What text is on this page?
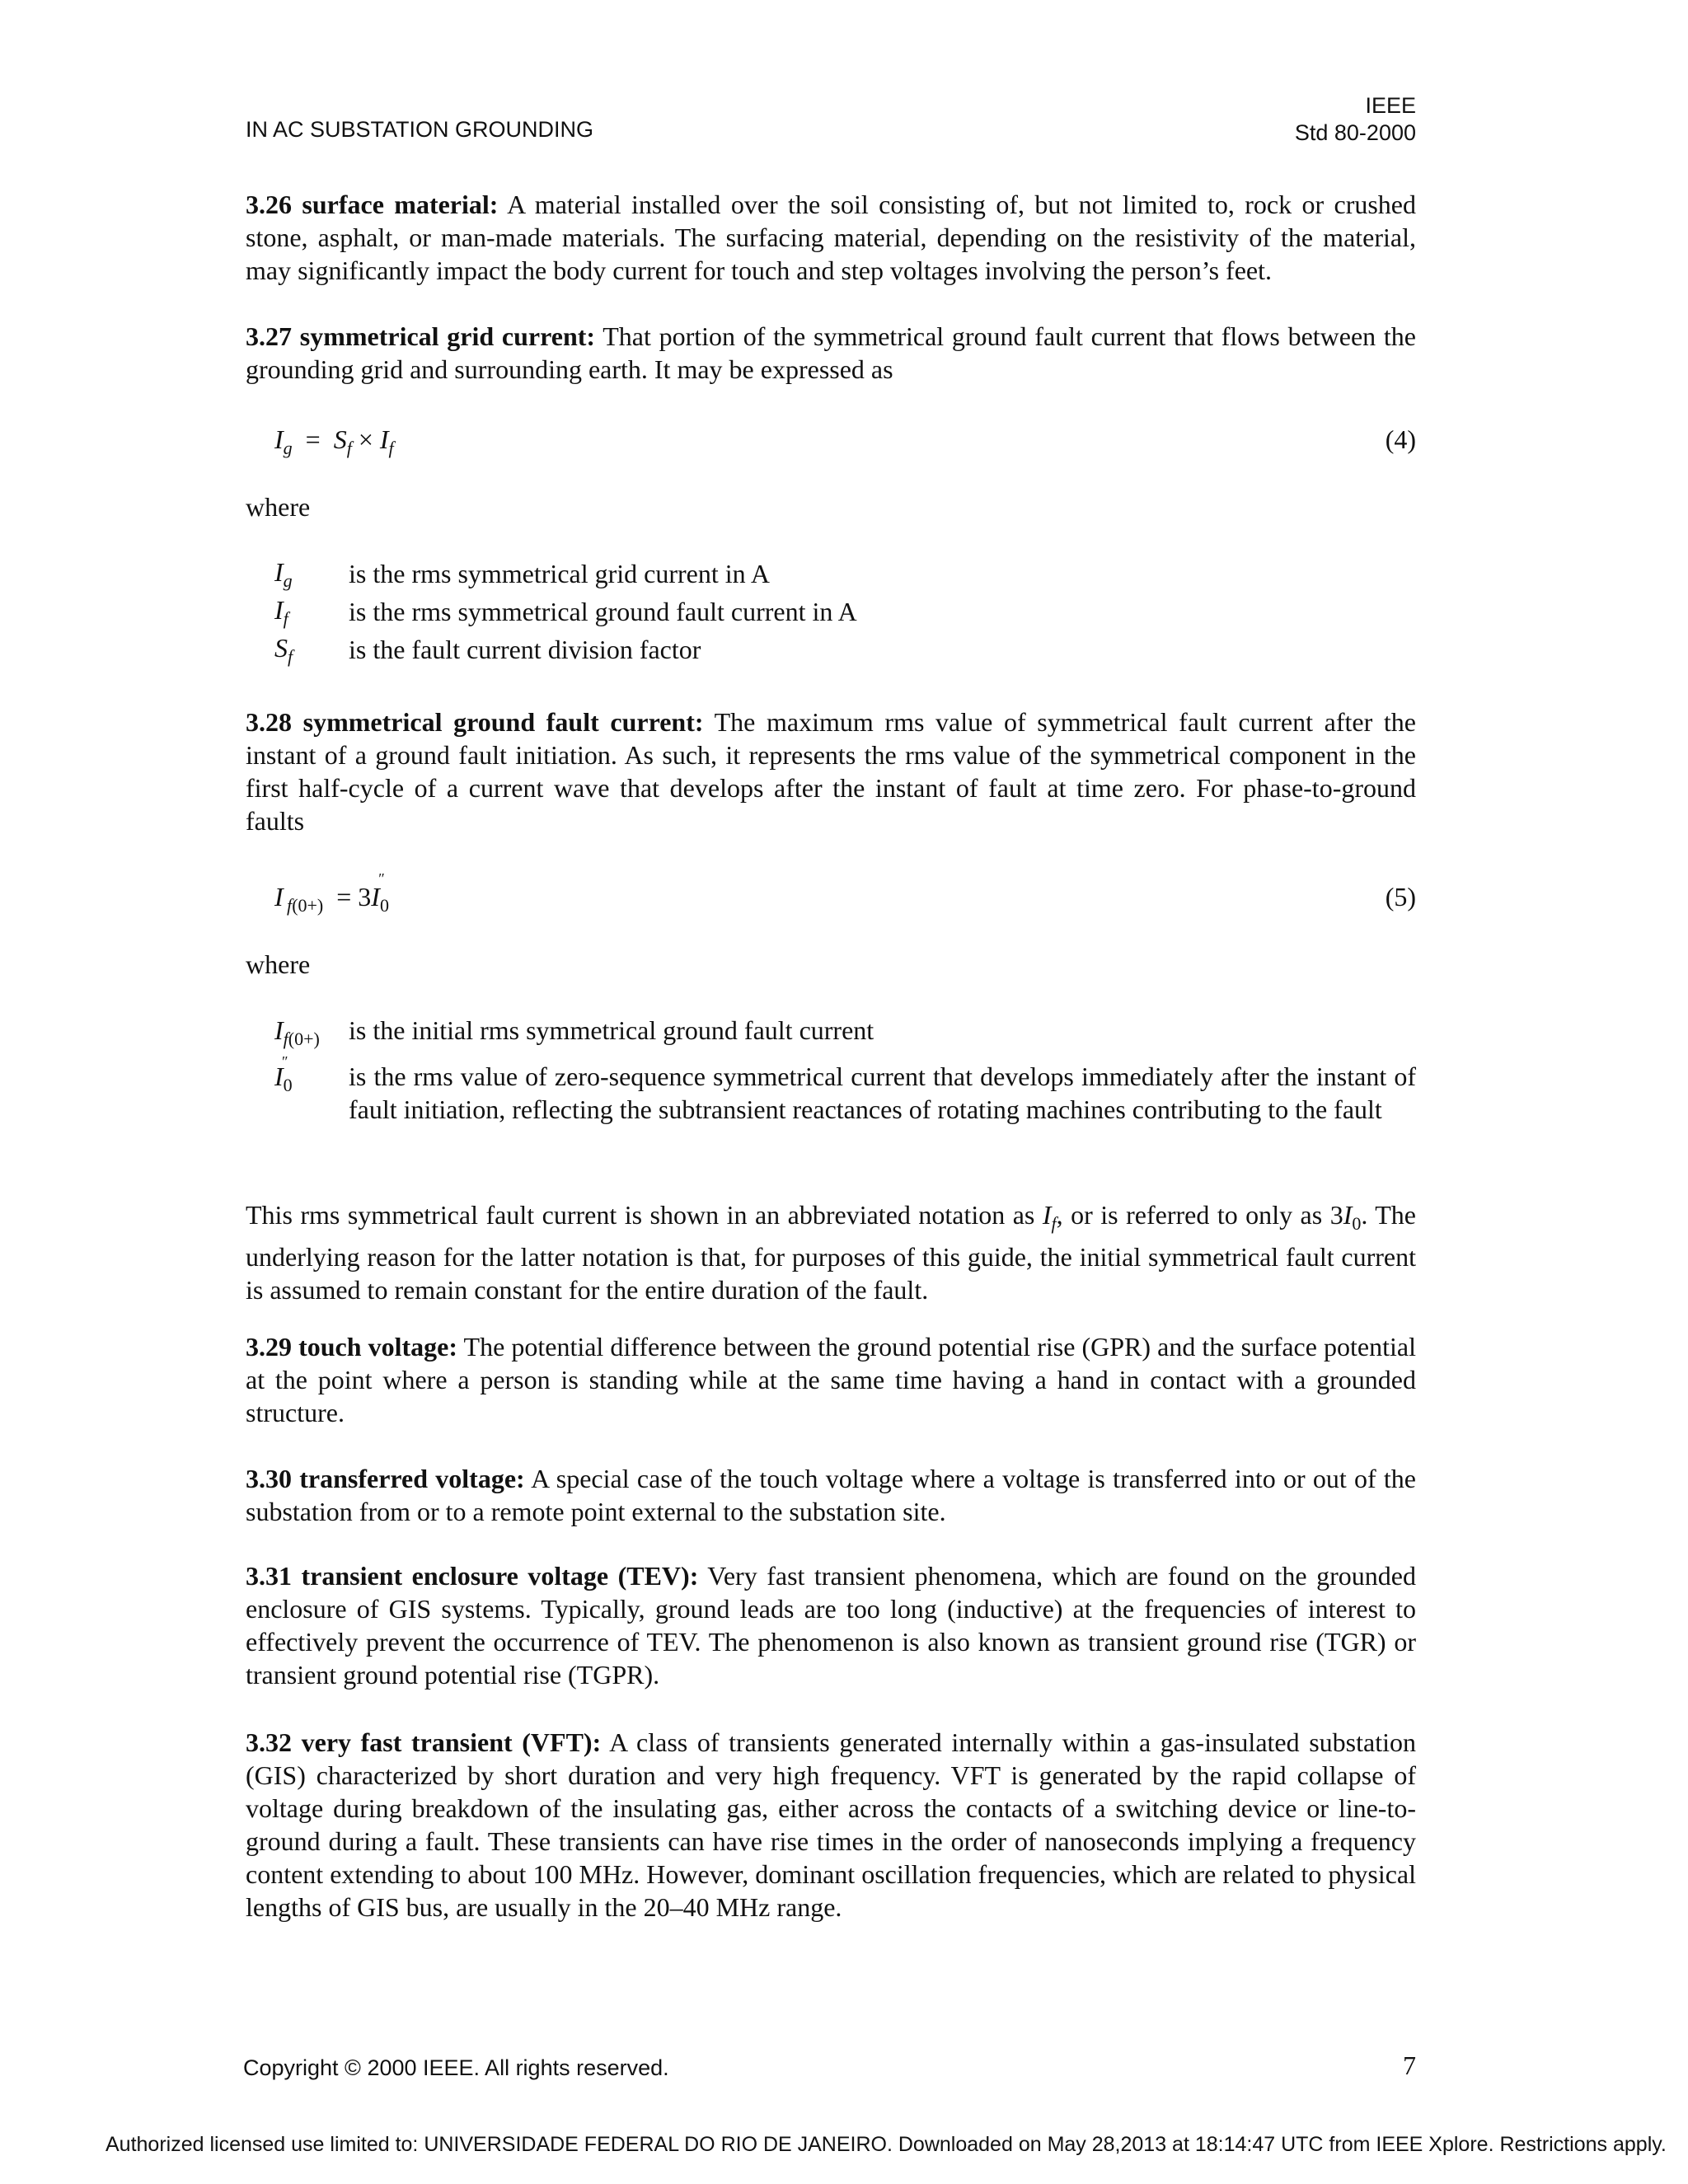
IN AC SUBSTATION GROUNDING
IEEE
Std 80-2000
3.26 surface material: A material installed over the soil consisting of, but not limited to, rock or crushed stone, asphalt, or man-made materials. The surfacing material, depending on the resistivity of the material, may significantly impact the body current for touch and step voltages involving the person’s feet.
3.27 symmetrical grid current: That portion of the symmetrical ground fault current that flows between the grounding grid and surrounding earth. It may be expressed as
$I_g = S_f \times I_f$	(4)
where
$I_g$ is the rms symmetrical grid current in A
$I_f$ is the rms symmetrical ground fault current in A
$S_f$ is the fault current division factor
3.28 symmetrical ground fault current: The maximum rms value of symmetrical fault current after the instant of a ground fault initiation. As such, it represents the rms value of the symmetrical component in the first half-cycle of a current wave that develops after the instant of fault at time zero. For phase-to-ground faults
I $_{f(0+)}$  = 3I
″
$_0$	(5)
where
$I_{f(0+)}$ is the initial rms symmetrical ground fault current
I
″
$_0$	is the rms value of zero-sequence symmetrical current that develops immediately after the instant of fault initiation, reflecting the subtransient reactances of rotating machines contributing to the fault
This rms symmetrical fault current is shown in an abbreviated notation as $I_f$, or is referred to only as $3I_0$. The underlying reason for the latter notation is that, for purposes of this guide, the initial symmetrical fault current is assumed to remain constant for the entire duration of the fault.
3.29 touch voltage: The potential difference between the ground potential rise (GPR) and the surface potential at the point where a person is standing while at the same time having a hand in contact with a grounded structure.
3.30 transferred voltage: A special case of the touch voltage where a voltage is transferred into or out of the substation from or to a remote point external to the substation site.
3.31 transient enclosure voltage (TEV): Very fast transient phenomena, which are found on the grounded enclosure of GIS systems. Typically, ground leads are too long (inductive) at the frequencies of interest to effectively prevent the occurrence of TEV. The phenomenon is also known as transient ground rise (TGR) or transient ground potential rise (TGPR).
3.32 very fast transient (VFT): A class of transients generated internally within a gas-insulated substation (GIS) characterized by short duration and very high frequency. VFT is generated by the rapid collapse of voltage during breakdown of the insulating gas, either across the contacts of a switching device or line-to-ground during a fault. These transients can have rise times in the order of nanoseconds implying a frequency content extending to about 100 MHz. However, dominant oscillation frequencies, which are related to physical lengths of GIS bus, are usually in the 20–40 MHz range.
Copyright © 2000 IEEE. All rights reserved.	7
Authorized licensed use limited to: UNIVERSIDADE FEDERAL DO RIO DE JANEIRO. Downloaded on May 28,2013 at 18:14:47 UTC from IEEE Xplore. Restrictions apply.
